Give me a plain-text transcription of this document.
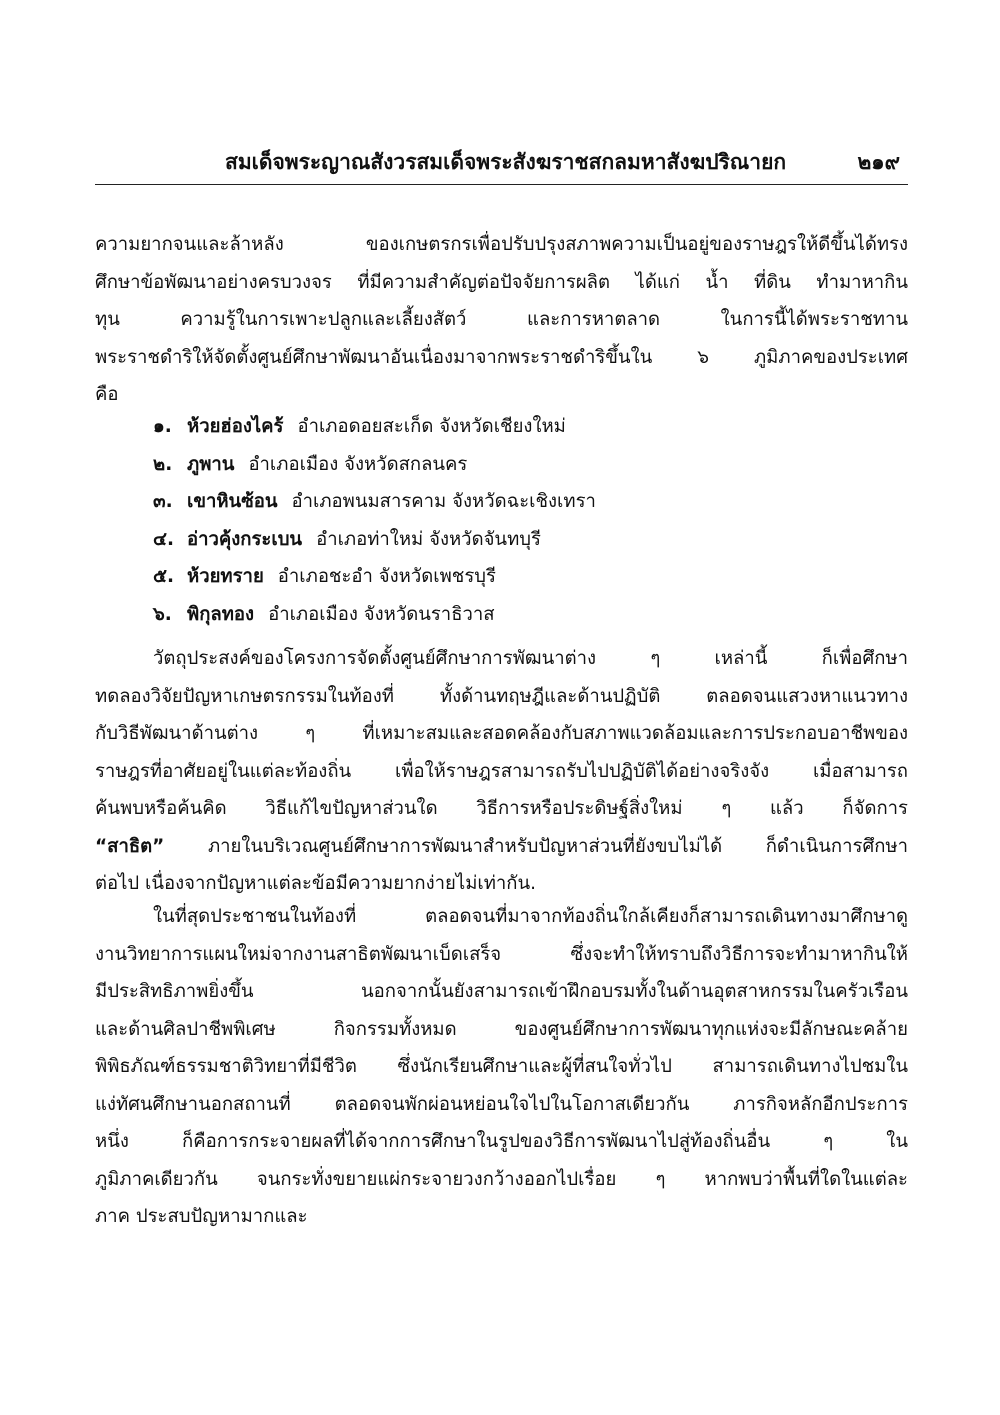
สมเด็จพระญาณสังวรสมเด็จพระสังฆราชสกลมหาสังฆปริณายก	๒๑๙
ความยากจนและล้าหลัง ของเกษตรกรเพื่อปรับปรุงสภาพความเป็นอยู่ของราษฎรให้ดีขึ้นได้ทรง
ศึกษาข้อพัฒนาอย่างครบวงจร ที่มีความสำคัญต่อปัจจัยการผลิต ได้แก่ น้ำ ที่ดิน ทำมาหากิน
ทุน ความรู้ในการเพาะปลูกและเลี้ยงสัตว์ และการหาตลาด ในการนี้ได้พระราชทาน
พระราชดำริให้จัดตั้งศูนย์ศึกษาพัฒนาอันเนื่องมาจากพระราชดำริขึ้นใน ๖ ภูมิภาคของประเทศ
คือ
๑. ห้วยฮ่องไคร้ อำเภอดอยสะเก็ด จังหวัดเชียงใหม่
๒. ภูพาน อำเภอเมือง จังหวัดสกลนคร
๓. เขาหินซ้อน อำเภอพนมสารคาม จังหวัดฉะเชิงเทรา
๔. อ่าวคุ้งกระเบน อำเภอท่าใหม่ จังหวัดจันทบุรี
๕. ห้วยทราย อำเภอชะอำ จังหวัดเพชรบุรี
๖. พิกุลทอง อำเภอเมือง จังหวัดนราธิวาส
วัตถุประสงค์ของโครงการจัดตั้งศูนย์ศึกษาการพัฒนาต่าง ๆ เหล่านี้ ก็เพื่อศึกษา
ทดลองวิจัยปัญหาเกษตรกรรมในท้องที่ ทั้งด้านทฤษฎีและด้านปฏิบัติ ตลอดจนแสวงหาแนวทาง
กับวิธีพัฒนาด้านต่าง ๆ ที่เหมาะสมและสอดคล้องกับสภาพแวดล้อมและการประกอบอาชีพของ
ราษฎรที่อาศัยอยู่ในแต่ละท้องถิ่น เพื่อให้ราษฎรสามารถรับไปปฏิบัติได้อย่างจริงจัง เมื่อสามารถ
ค้นพบหรือค้นคิด วิธีแก้ไขปัญหาส่วนใด วิธีการหรือประดิษฐ์สิ่งใหม่ ๆ แล้ว ก็จัดการ
“สาธิต” ภายในบริเวณศูนย์ศึกษาการพัฒนาสำหรับปัญหาส่วนที่ยังขบไม่ได้ ก็ดำเนินการศึกษา
ต่อไป เนื่องจากปัญหาแต่ละข้อมีความยากง่ายไม่เท่ากัน.
ในที่สุดประชาชนในท้องที่ ตลอดจนที่มาจากท้องถิ่นใกล้เคียงก็สามารถเดินทางมาศึกษาดู
งานวิทยาการแผนใหม่จากงานสาธิตพัฒนาเบ็ดเสร็จ ซึ่งจะทำให้ทราบถึงวิธีการจะทำมาหากินให้
มีประสิทธิภาพยิ่งขึ้น นอกจากนั้นยังสามารถเข้าฝึกอบรมทั้งในด้านอุตสาหกรรมในครัวเรือน
และด้านศิลปาชีพพิเศษ กิจกรรมทั้งหมด ของศูนย์ศึกษาการพัฒนาทุกแห่งจะมีลักษณะคล้าย
พิพิธภัณฑ์ธรรมชาติวิทยาที่มีชีวิต ซึ่งนักเรียนศึกษาและผู้ที่สนใจทั่วไป สามารถเดินทางไปชมใน
แง่ทัศนศึกษานอกสถานที่ ตลอดจนพักผ่อนหย่อนใจไปในโอกาสเดียวกัน ภารกิจหลักอีกประการ
หนึ่ง ก็คือการกระจายผลที่ได้จากการศึกษาในรูปของวิธีการพัฒนาไปสู่ท้องถิ่นอื่น ๆ ใน
ภูมิภาคเดียวกัน จนกระทั่งขยายแผ่กระจายวงกว้างออกไปเรื่อย ๆ หากพบว่าพื้นที่ใดในแต่ละ
ภาค ประสบปัญหามากและ
